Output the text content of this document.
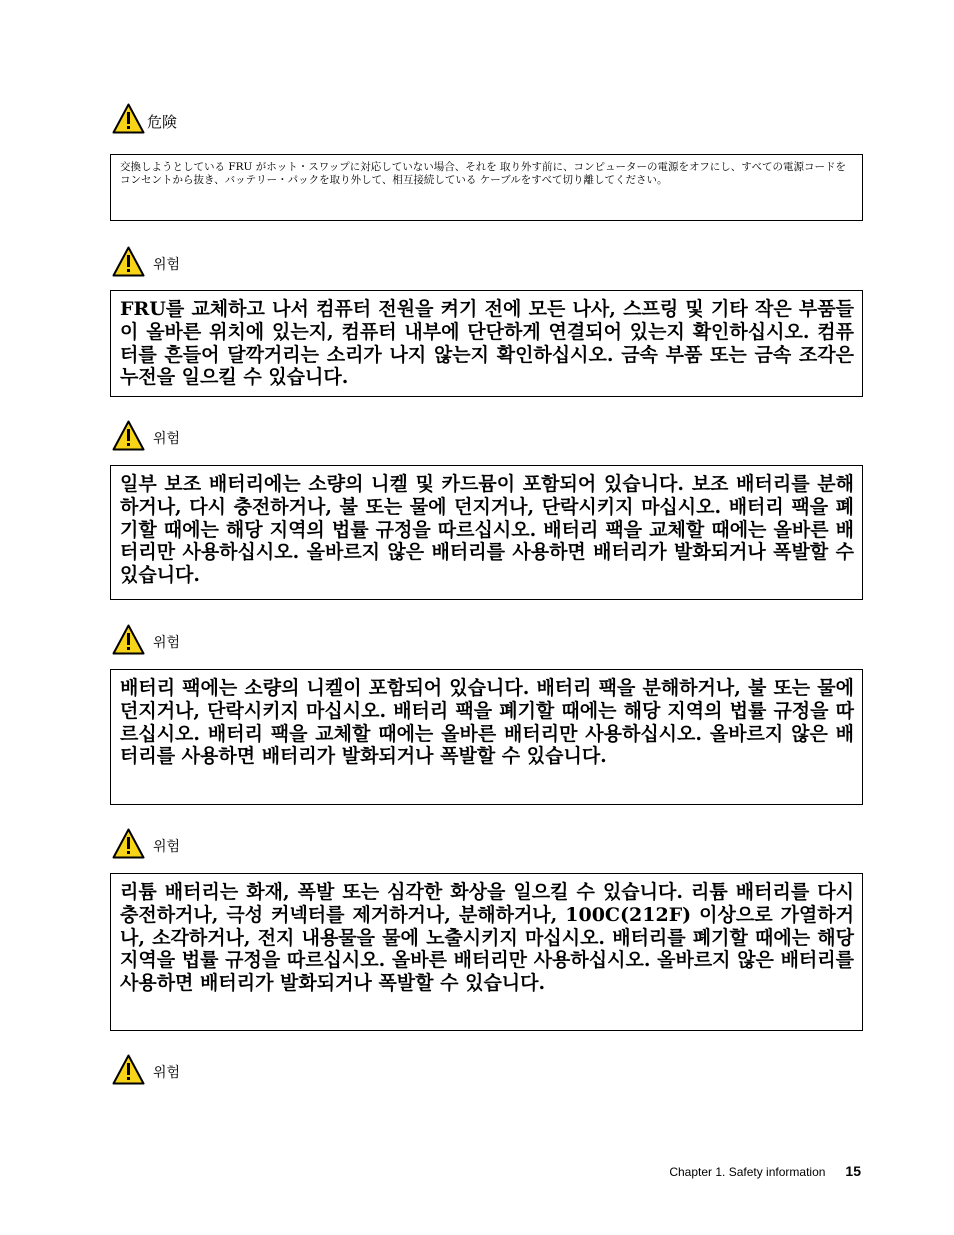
危険

交換しようとしている FRU がホット・スワップに対応していない場合、それを 取り外す前に、コンピューターの電源をオフにし、すべての電源コードを コンセントから抜き、バッテリー・パックを取り外して、相互接続している ケーブルをすべて切り離してください。

위험

FRU를 교체하고 나서 컴퓨터 전원을 켜기 전에 모든 나사, 스프링 및 기타 작은 부품들이 올바른 위치에 있는지, 컴퓨터 내부에 단단하게 연결되어 있는지 확인하십시오. 컴퓨터를 흔들어 달깍거리는 소리가 나지 않는지 확인하십시오. 금속 부품 또는 금속 조각은 누전을 일으킬 수 있습니다.

위험

일부 보조 배터리에는 소량의 니켈 및 카드뮴이 포함되어 있습니다. 보조 배터리를 분해하거나, 다시 충전하거나, 불 또는 물에 던지거나, 단락시키지 마십시오. 배터리 팩을 폐기할 때에는 해당 지역의 법률 규정을 따르십시오. 배터리 팩을 교체할 때에는 올바른 배터리만 사용하십시오. 올바르지 않은 배터리를 사용하면 배터리가 발화되거나 폭발할 수 있습니다.

위험

배터리 팩에는 소량의 니켈이 포함되어 있습니다. 배터리 팩을 분해하거나, 불 또는 물에 던지거나, 단락시키지 마십시오. 배터리 팩을 폐기할 때에는 해당 지역의 법률 규정을 따르십시오. 배터리 팩을 교체할 때에는 올바른 배터리만 사용하십시오. 올바르지 않은 배터리를 사용하면 배터리가 발화되거나 폭발할 수 있습니다.

위험

리튬 배터리는 화재, 폭발 또는 심각한 화상을 일으킬 수 있습니다. 리튬 배터리를 다시 충전하거나, 극성 커넥터를 제거하거나, 분해하거나, 100C(212F) 이상으로 가열하거나, 소각하거나, 전지 내용물을 물에 노출시키지 마십시오. 배터리를 폐기할 때에는 해당 지역을 법률 규정을 따르십시오. 올바른 배터리만 사용하십시오. 올바르지 않은 배터리를 사용하면 배터리가 발화되거나 폭발할 수 있습니다.

위험
Chapter 1. Safety information 15
